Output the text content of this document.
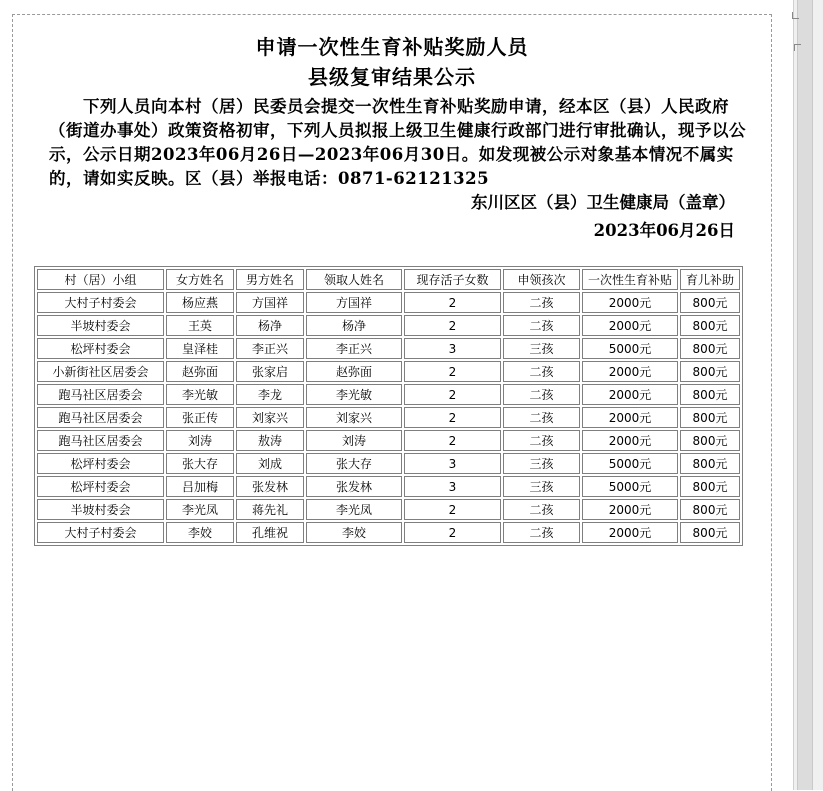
申请一次性生育补贴奖励人员
县级复审结果公示
下列人员向本村（居）民委员会提交一次性生育补贴奖励申请，经本区（县）人民政府（街道办事处）政策资格初审，下列人员拟报上级卫生健康行政部门进行审批确认，现予以公示，公示日期2023年06月26日—2023年06月30日。如发现被公示对象基本情况不属实的，请如实反映。区（县）举报电话：0871-62121325
东川区区（县）卫生健康局（盖章）
2023年06月26日
村（居）小组	女方姓名	男方姓名	领取人姓名	现存活子女数	申领孩次	一次性生育补贴	育儿补助
大村子村委会	杨应燕	方国祥	方国祥	2	二孩	2000元	800元
半坡村委会	王英	杨净	杨净	2	二孩	2000元	800元
松坪村委会	皇泽桂	李正兴	李正兴	3	三孩	5000元	800元
小新街社区居委会	赵弥面	张家启	赵弥面	2	二孩	2000元	800元
跑马社区居委会	李光敏	李龙	李光敏	2	二孩	2000元	800元
跑马社区居委会	张正传	刘家兴	刘家兴	2	二孩	2000元	800元
跑马社区居委会	刘涛	敖涛	刘涛	2	二孩	2000元	800元
松坪村委会	张大存	刘成	张大存	3	三孩	5000元	800元
松坪村委会	吕加梅	张发林	张发林	3	三孩	5000元	800元
半坡村委会	李光凤	蒋先礼	李光凤	2	二孩	2000元	800元
大村子村委会	李姣	孔维祝	李姣	2	二孩	2000元	800元
